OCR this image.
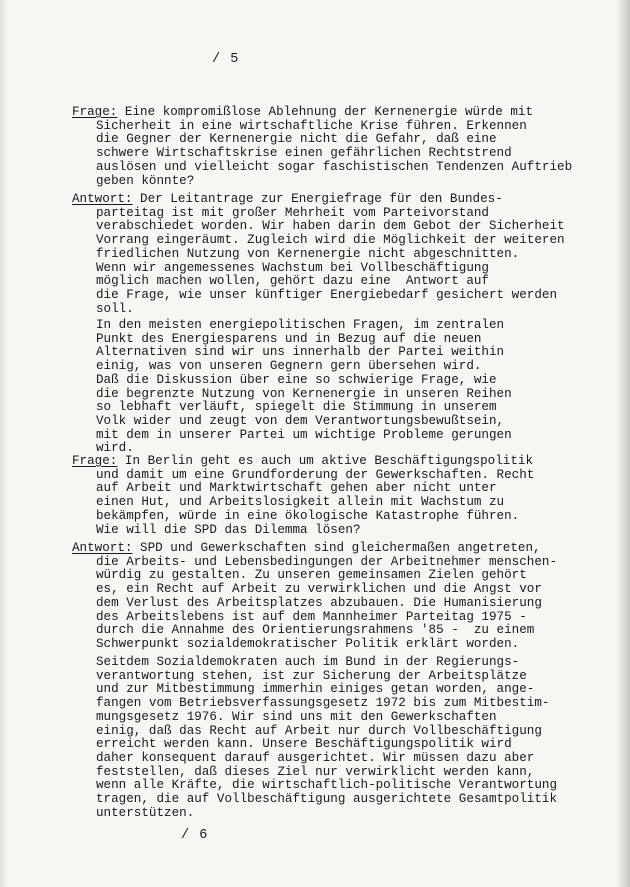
/ 5
Frage: Eine kompromißlose Ablehnung der Kernenergie würde mit
Sicherheit in eine wirtschaftliche Krise führen. Erkennen
die Gegner der Kernenergie nicht die Gefahr, daß eine
schwere Wirtschaftskrise einen gefährlichen Rechtstrend
auslösen und vielleicht sogar faschistischen Tendenzen Auftrieb
geben könnte?
Antwort: Der Leitantrage zur Energiefrage für den Bundes-
parteitag ist mit großer Mehrheit vom Parteivorstand
verabschiedet worden. Wir haben darin dem Gebot der Sicherheit
Vorrang eingeräumt. Zugleich wird die Möglichkeit der weiteren
friedlichen Nutzung von Kernenergie nicht abgeschnitten.
Wenn wir angemessenes Wachstum bei Vollbeschäftigung
möglich machen wollen, gehört dazu eine  Antwort auf
die Frage, wie unser künftiger Energiebedarf gesichert werden
soll.
In den meisten energiepolitischen Fragen, im zentralen
Punkt des Energiesparens und in Bezug auf die neuen
Alternativen sind wir uns innerhalb der Partei weithin
einig, was von unseren Gegnern gern übersehen wird.
Daß die Diskussion über eine so schwierige Frage, wie
die begrenzte Nutzung von Kernenergie in unseren Reihen
so lebhaft verläuft, spiegelt die Stimmung in unserem
Volk wider und zeugt von dem Verantwortungsbewußtsein,
mit dem in unserer Partei um wichtige Probleme gerungen
wird.
Frage: In Berlin geht es auch um aktive Beschäftigungspolitik
und damit um eine Grundforderung der Gewerkschaften. Recht
auf Arbeit und Marktwirtschaft gehen aber nicht unter
einen Hut, und Arbeitslosigkeit allein mit Wachstum zu
bekämpfen, würde in eine ökologische Katastrophe führen.
Wie will die SPD das Dilemma lösen?
Antwort: SPD und Gewerkschaften sind gleichermaßen angetreten,
die Arbeits- und Lebensbedingungen der Arbeitnehmer menschen-
würdig zu gestalten. Zu unseren gemeinsamen Zielen gehört
es, ein Recht auf Arbeit zu verwirklichen und die Angst vor
dem Verlust des Arbeitsplatzes abzubauen. Die Humanisierung
des Arbeitslebens ist auf dem Mannheimer Parteitag 1975 -
durch die Annahme des Orientierungsrahmens '85 -  zu einem
Schwerpunkt sozialdemokratischer Politik erklärt worden.
Seitdem Sozialdemokraten auch im Bund in der Regierungs-
verantwortung stehen, ist zur Sicherung der Arbeitsplätze
und zur Mitbestimmung immerhin einiges getan worden, ange-
fangen vom Betriebsverfassungsgesetz 1972 bis zum Mitbestim-
mungsgesetz 1976. Wir sind uns mit den Gewerkschaften
einig, daß das Recht auf Arbeit nur durch Vollbeschäftigung
erreicht werden kann. Unsere Beschäftigungspolitik wird
daher konsequent darauf ausgerichtet. Wir müssen dazu aber
feststellen, daß dieses Ziel nur verwirklicht werden kann,
wenn alle Kräfte, die wirtschaftlich-politische Verantwortung
tragen, die auf Vollbeschäftigung ausgerichtete Gesamtpolitik
unterstützen.
/ 6
